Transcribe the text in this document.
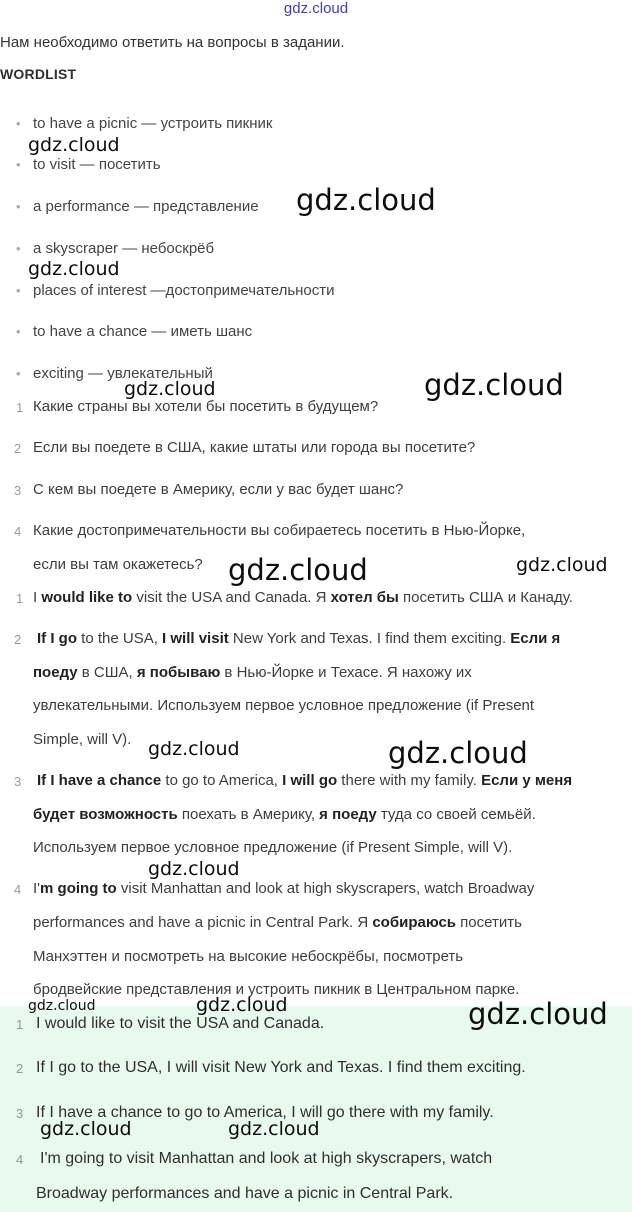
gdz.cloud
Нам необходимо ответить на вопросы в задании.
WORDLIST
• to have a picnic — устроить пикник
• to visit — посетить
• a performance — представление
• a skyscraper — небоскрёб
• places of interest —достопримечательности
• to have a chance — иметь шанс
• exciting — увлекательный
1 Какие страны вы хотели бы посетить в будущем?
2 Если вы поедете в США, какие штаты или города вы посетите?
3 С кем вы поедете в Америку, если у вас будет шанс?
4 Какие достопримечательности вы собираетесь посетить в Нью-Йорке,
если вы там окажетесь?
1 I would like to visit the USA and Canada. Я хотел бы посетить США и Канаду.
2 If I go to the USA, I will visit New York and Texas. I find them exciting. Если я
поеду в США, я побываю в Нью-Йорке и Техасе. Я нахожу их
увлекательными. Используем первое условное предложение (if Present
Simple, will V).
3 If I have a chance to go to America, I will go there with my family. Если у меня
будет возможность поехать в Америку, я поеду туда со своей семьёй.
Используем первое условное предложение (if Present Simple, will V).
4 I'm going to visit Manhattan and look at high skyscrapers, watch Broadway
performances and have a picnic in Central Park. Я собираюсь посетить
Манхэттен и посмотреть на высокие небоскрёбы, посмотреть
бродвейские представления и устроить пикник в Центральном парке.
1 I would like to visit the USA and Canada.
2 If I go to the USA, I will visit New York and Texas. I find them exciting.
3 If I have a chance to go to America, I will go there with my family.
4 I'm going to visit Manhattan and look at high skyscrapers, watch
Broadway performances and have a picnic in Central Park.
gdz.cloud
gdz.cloud
gdz.cloud
gdz.cloud
gdz.cloud
gdz.cloud	gdz.cloud
gdz.cloud	gdz.cloud
gdz.cloud
gdz.cloud	gdz.cloud	gdz.cloud
gdz.cloud	gdz.cloud
